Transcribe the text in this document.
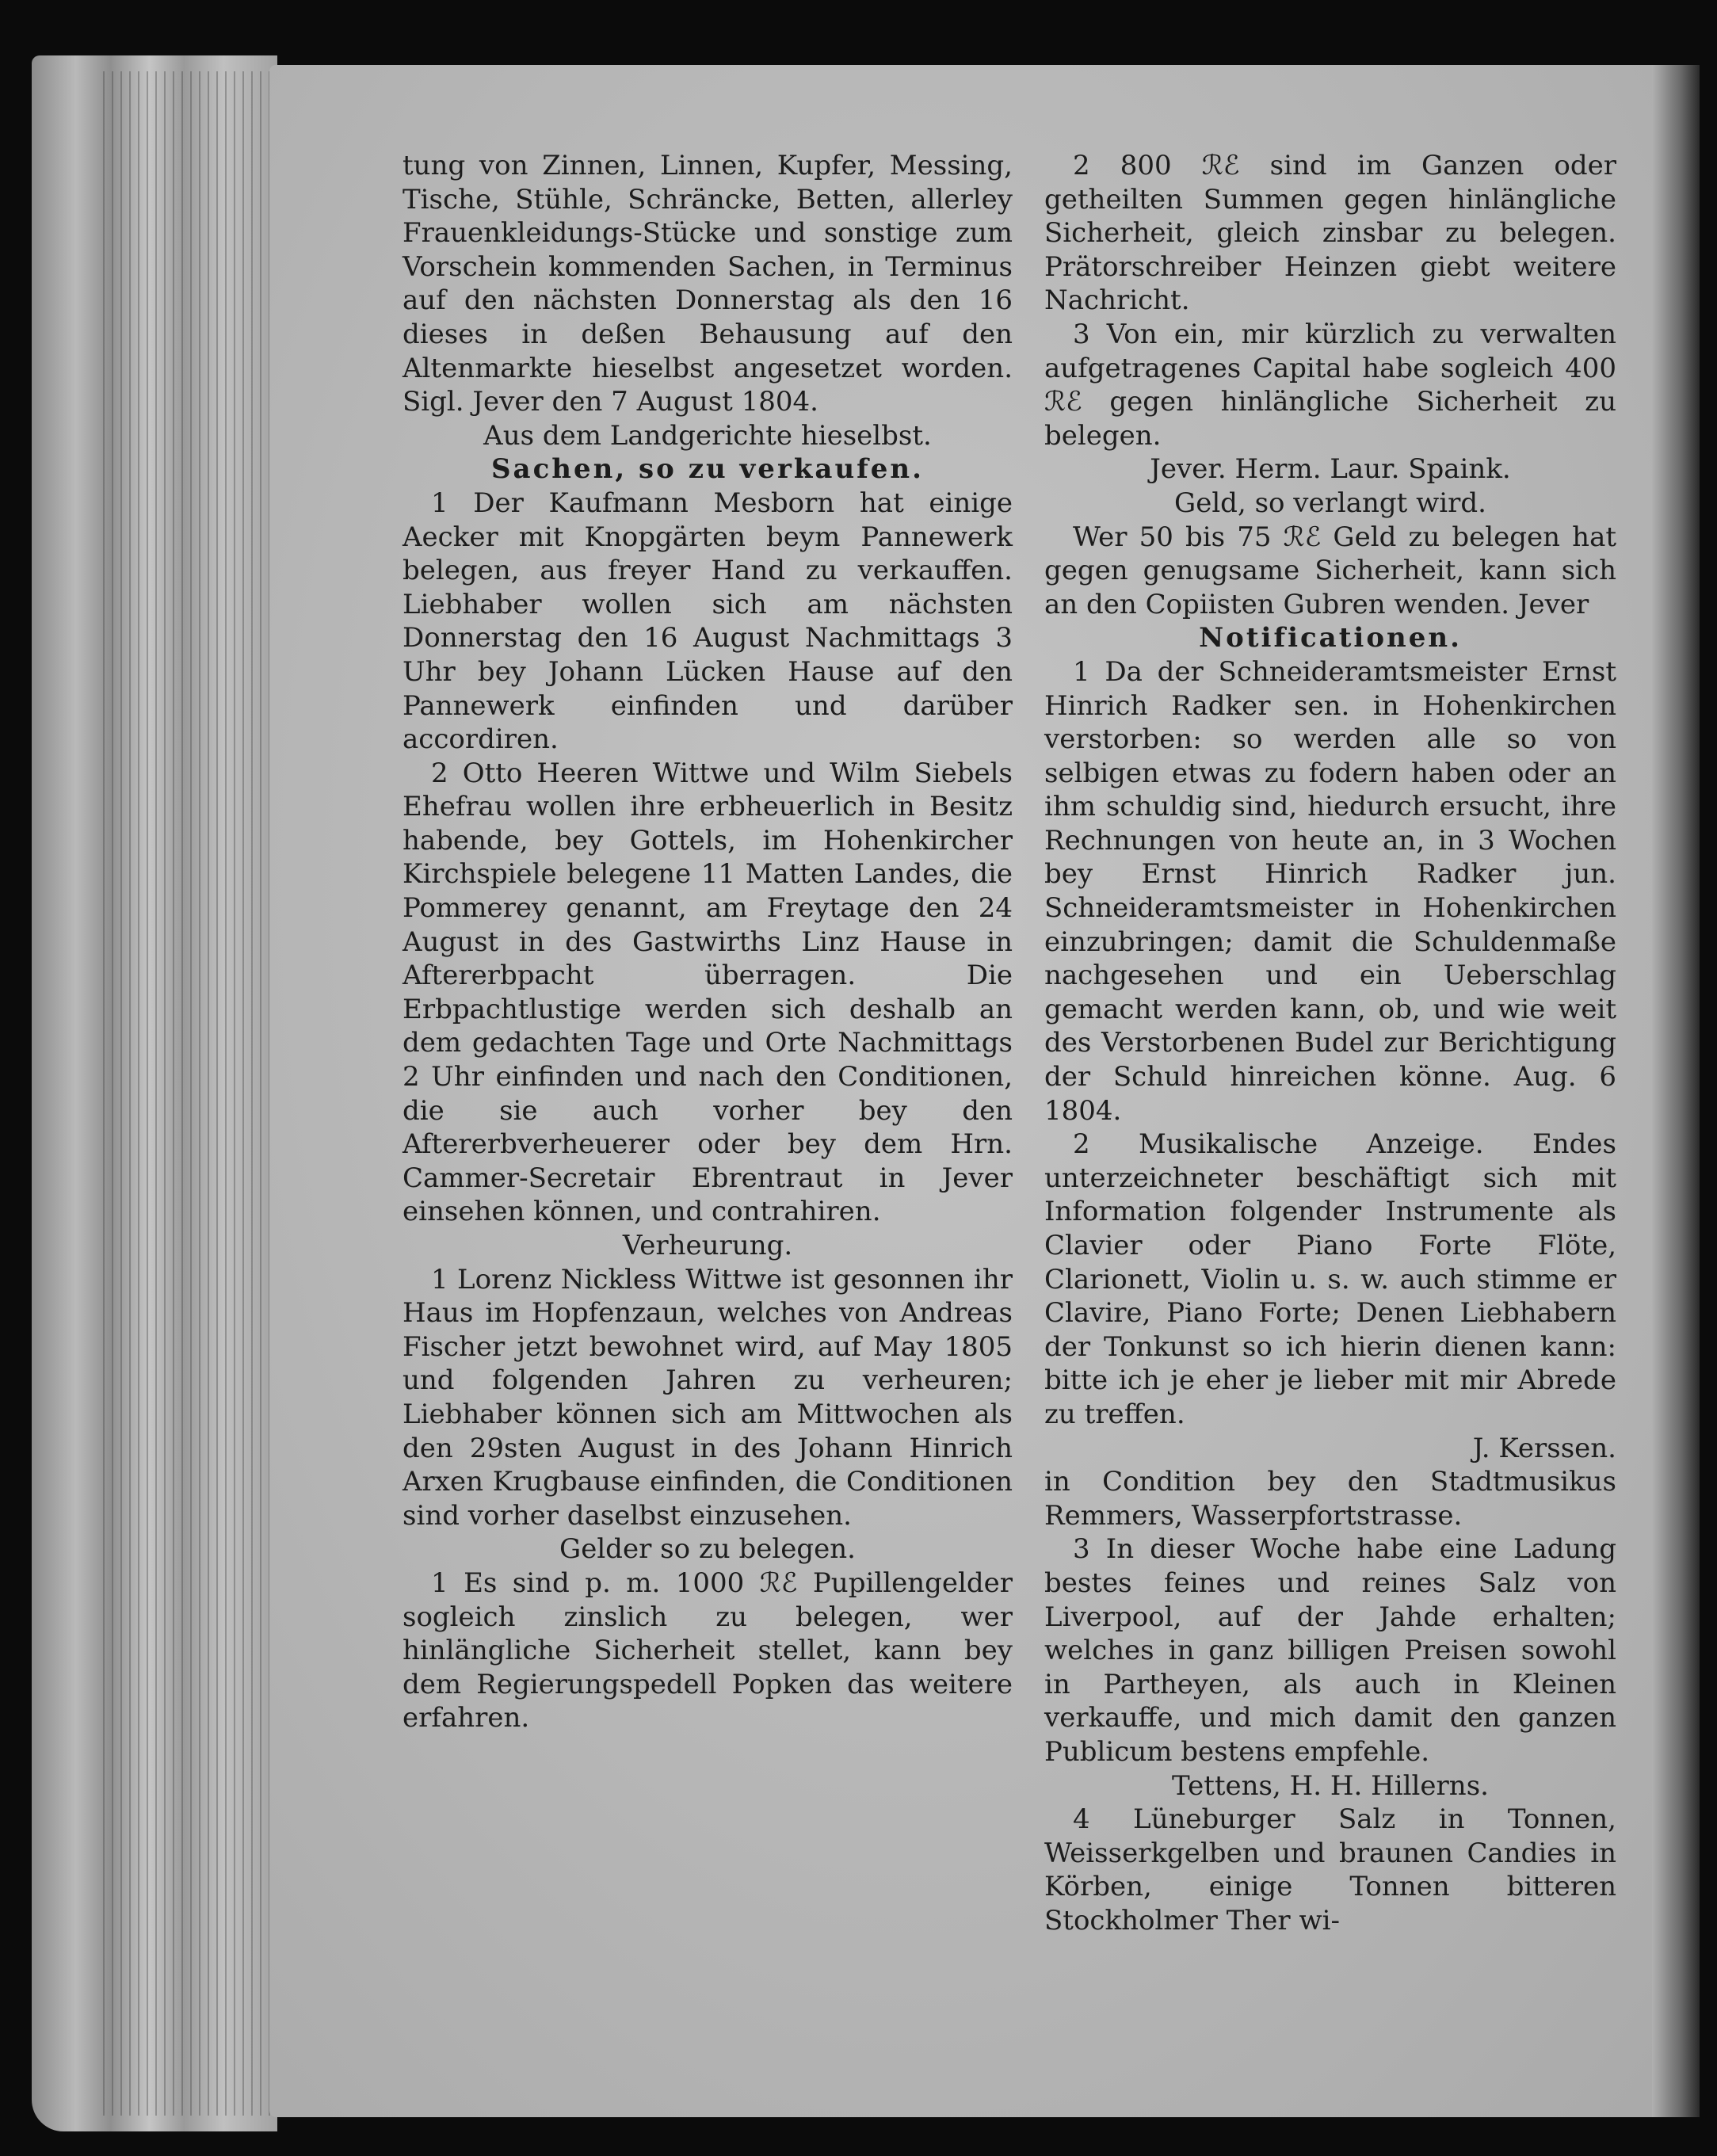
tung von Zinnen, Linnen, Kupfer, Messing, Tische, Stühle, Schräncke, Betten, allerley Frauenkleidungs-Stücke und sonstige zum Vorschein kommenden Sachen, in Terminus auf den nächsten Donnerstag als den 16 dieses in deßen Behausung auf den Altenmarkte hieselbst angesetzet worden. Sigl. Jever den 7 August 1804.

Aus dem Landgerichte hieselbst.

Sachen, so zu verkaufen.

1 Der Kaufmann Mesborn hat einige Aecker mit Knopgärten beym Pannewerk belegen, aus freyer Hand zu verkauffen. Liebhaber wollen sich am nächsten Donnerstag den 16 August Nachmittags 3 Uhr bey Johann Lücken Hause auf den Pannewerk einfinden und darüber accordiren.

2 Otto Heeren Wittwe und Wilm Siebels Ehefrau wollen ihre erbheuerlich in Besitz habende, bey Gottels, im Hohenkircher Kirchspiele belegene 11 Matten Landes, die Pommerey genannt, am Freytage den 24 August in des Gastwirths Linz Hause in Aftererbpacht überragen. Die Erbpachtlustige werden sich deshalb an dem gedachten Tage und Orte Nachmittags 2 Uhr einfinden und nach den Conditionen, die sie auch vorher bey den Aftererbverheuerer oder bey dem Hrn. Cammer-Secretair Ebrentraut in Jever einsehen können, und contrahiren.

Verheurung.

1 Lorenz Nickless Wittwe ist gesonnen ihr Haus im Hopfenzaun, welches von Andreas Fischer jetzt bewohnet wird, auf May 1805 und folgenden Jahren zu verheuren; Liebhaber können sich am Mittwochen als den 29sten August in des Johann Hinrich Arxen Krugbause einfinden, die Conditionen sind vorher daselbst einzusehen.

Gelder so zu belegen.

1 Es sind p. m. 1000 ℛℰ Pupillengelder sogleich zinslich zu belegen, wer hinlängliche Sicherheit stellet, kann bey dem Regierungspedell Popken das weitere erfahren.

2 800 ℛℰ sind im Ganzen oder getheilten Summen gegen hinlängliche Sicherheit, gleich zinsbar zu belegen. Prätorschreiber Heinzen giebt weitere Nachricht.

3 Von ein, mir kürzlich zu verwalten aufgetragenes Capital habe sogleich 400 ℛℰ gegen hinlängliche Sicherheit zu belegen.

Jever. Herm. Laur. Spaink.

Geld, so verlangt wird.

Wer 50 bis 75 ℛℰ Geld zu belegen hat gegen genugsame Sicherheit, kann sich an den Copiisten Gubren wenden. Jever

Notificationen.

1 Da der Schneideramtsmeister Ernst Hinrich Radker sen. in Hohenkirchen verstorben: so werden alle so von selbigen etwas zu fodern haben oder an ihm schuldig sind, hiedurch ersucht, ihre Rechnungen von heute an, in 3 Wochen bey Ernst Hinrich Radker jun. Schneideramtsmeister in Hohenkirchen einzubringen; damit die Schuldenmaße nachgesehen und ein Ueberschlag gemacht werden kann, ob, und wie weit des Verstorbenen Budel zur Berichtigung der Schuld hinreichen könne. Aug. 6 1804.

2 Musikalische Anzeige. Endes unterzeichneter beschäftigt sich mit Information folgender Instrumente als Clavier oder Piano Forte Flöte, Clarionett, Violin u. s. w. auch stimme er Clavire, Piano Forte; Denen Liebhabern der Tonkunst so ich hierin dienen kann: bitte ich je eher je lieber mit mir Abrede zu treffen.

J. Kerssen.

in Condition bey den Stadtmusikus Remmers, Wasserpfortstrasse.

3 In dieser Woche habe eine Ladung bestes feines und reines Salz von Liverpool, auf der Jahde erhalten; welches in ganz billigen Preisen sowohl in Partheyen, als auch in Kleinen verkauffe, und mich damit den ganzen Publicum bestens empfehle.

Tettens, H. H. Hillerns.

4 Lüneburger Salz in Tonnen, Weisserkgelben und braunen Candies in Körben, einige Tonnen bitteren Stockholmer Ther wi-
